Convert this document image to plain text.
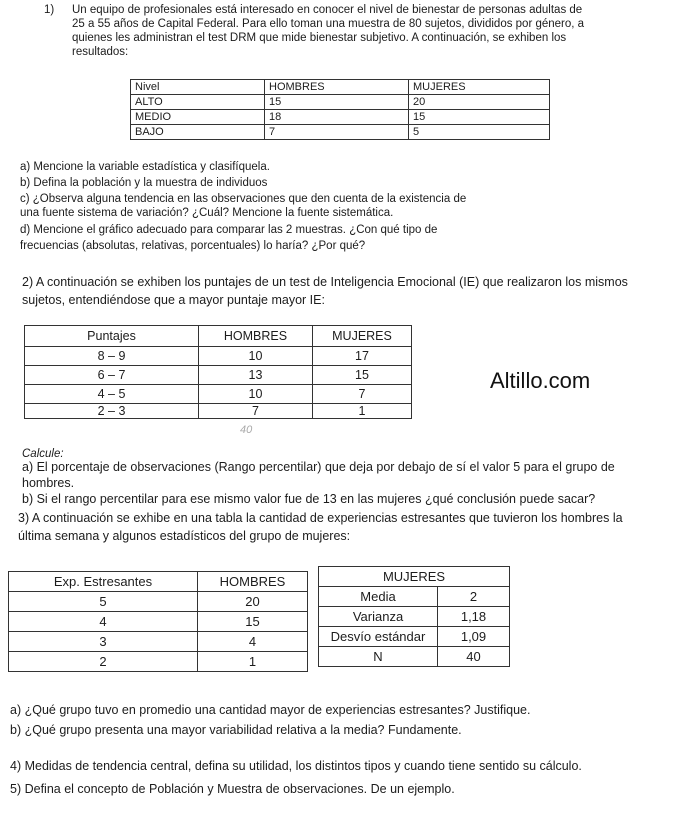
1) Un equipo de profesionales está interesado en conocer el nivel de bienestar de personas adultas de
25 a 55 años de Capital Federal. Para ello toman una muestra de 80 sujetos, divididos por género, a
quienes les administran el test DRM que mide bienestar subjetivo. A continuación, se exhiben los
resultados:
Nivel	HOMBRES	MUJERES
ALTO	15	20
MEDIO	18	15
BAJO	7	5
a) Mencione la variable estadística y clasifíquela.
b) Defina la población y la muestra de individuos
c) ¿Observa alguna tendencia en las observaciones que den cuenta de la existencia de
una fuente sistema de variación? ¿Cuál? Mencione la fuente sistemática.
d) Mencione el gráfico adecuado para comparar las 2 muestras. ¿Con qué tipo de
frecuencias (absolutas, relativas, porcentuales) lo haría? ¿Por qué?
2) A continuación se exhiben los puntajes de un test de Inteligencia Emocional (IE) que realizaron los mismos
sujetos, entendiéndose que a mayor puntaje mayor IE:
Puntajes	HOMBRES	MUJERES
8 – 9	10	17
6 – 7	13	15
4 – 5	10	7
2 – 3	7	1
40
Altillo.com
Calcule:
a) El porcentaje de observaciones (Rango percentilar) que deja por debajo de sí el valor 5 para el grupo de
hombres.
b) Si el rango percentilar para ese mismo valor fue de 13 en las mujeres ¿qué conclusión puede sacar?
3) A continuación se exhibe en una tabla la cantidad de experiencias estresantes que tuvieron los hombres la
última semana y algunos estadísticos del grupo de mujeres:
Exp. Estresantes	HOMBRES
5	20
4	15
3	4
2	1
MUJERES	
Media	2
Varianza	1,18
Desvío estándar	1,09
N	40
a) ¿Qué grupo tuvo en promedio una cantidad mayor de experiencias estresantes? Justifique.
b) ¿Qué grupo presenta una mayor variabilidad relativa a la media? Fundamente.
4) Medidas de tendencia central, defina su utilidad, los distintos tipos y cuando tiene sentido su cálculo.
5) Defina el concepto de Población y Muestra de observaciones. De un ejemplo.
